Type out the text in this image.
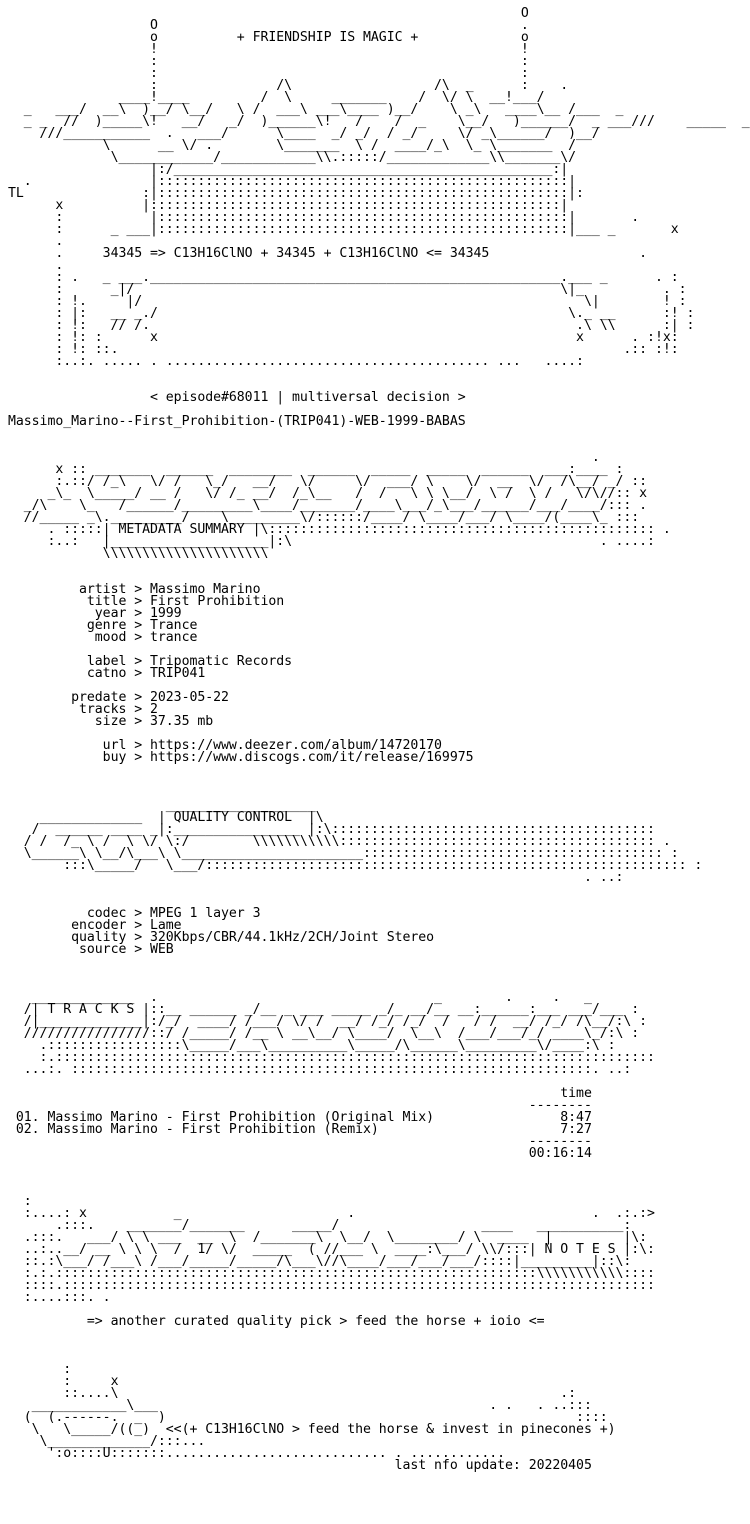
O
O                                              .
o          + FRIENDSHIP IS MAGIC +             o
!                                              !
:                                              :
:                                              :
:               /\                  /\  _      :    .
____!____         /  \     _______    /  \/ \  __!___/
_   ___/  __\  )__/ \__/   \ /  ___\ ___\____ )__/    \ _\   ____\__ /___  _
_ _  //  )_____\!   __/   _/  )______\!   /    /  _    \__/   )______/  _ ___///    _____  _
///___________  .   ___/      \____  _/ _/  / _/     \/ _\______/  )__/
\      __ \/ .        \_______  \ /  ____/_\  \_ \_______  /
\____________/____________\\.:::::/_____________\\_______\/
|:/________________________________________________:|
.               |::::::::::::::::::::::::::::::::::::::::::::::::::::|
TL               :|::::::::::::::::::::::::::::::::::::::::::::::::::::|:
x          |::::::::::::::::::::::::::::::::::::::::::::::::::::|
:           |::::::::::::::::::::::::::::::::::::::::::::::::::::|       .
:      _ ___|::::::::::::::::::::::::::::::::::::::::::::::::::::|___ _       x
.
.     34345 => C13H16ClNO + 34345 + C13H16ClNO <= 34345                   .
.
: .   _ ___.____________________________________________________.___ _      . :
:      _|/                                                      \|_          . :
: !.     |/                                                        \|        ! :
: |:   __ _./                                                    \._ __      :! :
: !:   // /.                                                      .\ \\      :| :
: !: :      x                                                     x      . :!x:
: !: ::.                                                                .:: :!:
:..:. ..... . ......................................... ...   ....:

< episode#68011 | multiversal decision >

Massimo_Marino--First_Prohibition-(TRIP041)-WEB-1999-BABAS

.
x :: _______  ______  ________  ______  _____  _____  ______  ___:____ :
:.::/ /_\   \/ /   \_/   __/   \/     \/  ___/ \    \/  __  \/  /\__/ _/ ::
_\_  \_____/ __ /   \/ /_ __/  /_\__   /  /   \ \ \__/  \ /  \ /   \/\//:: x
_/\    \_   /______/_________\____/_______/____\___/_\___/______/___/____/::: .
//_____ _\._________/    \_________\/::::::/____/ \____/___/ \____/(____\_ :::
. :::::| METADATA SUMMARY |\::::::::::::::::::::::::::::::::::::::::::::::::: .
:..:   |____________________|:\                                       . ....:
\\\\\\\\\\\\\\\\\\\\\

artist > Massimo Marino
title > First Prohibition
year > 1999
genre > Trance
mood > trance

label > Tripomatic Records
catno > TRIP041

predate > 2023-05-22
tracks > 2
size > 37.35 mb

url > https://www.deezer.com/album/14720170
buy > https://www.discogs.com/it/release/169975

___________________
_____________  | QUALITY CONTROL  |\
/  ______ ____ _|:________________ |:\:::::::::::::::::::::::::::::::::::::::::
/ /  /_ \ /  \ \/ \:/        \\\\\\\\\\\:::::::::::::::::::::::::::::::::::::::: .
\______\ \__/\___\ \_______________________:::::::::::::::::::::::::::::::::::::: :
:::\_____/   \___/::::::::::::::::::::::::::::::::::::::::::::::::::::::::::::: :
. ..:

codec > MPEG 1 layer 3
encoder > Lame
quality > 320Kbps/CBR/44.1kHz/2CH/Joint Stereo
source > WEB

_____________  .                                   _        .     .   _
/| T R A C K S |::__ ______ _/__ _ ___ _____ _/_ __/__ __:______:___ ___/___ :
/|_____________|:/_/  ____/ /___/ \/ /  __/ /_/ /_/  /   / /  __/ /_/ /\__/:\ :
////////////////::/ /_____/ /__ \ __\__/ \____/  \__\  /___/___/_/ ____\_/:\ :
.:::::::::::::::::\_____/___\__________\_____/\______\_________\/____:\ :
:.::::::::::::::::::::::::::::::::::::::::::::::::::::::::::::::::::::::::::::
...:. ::::::::::::::::::::::::::::::::::::::::::::::::::::::::::::::::::. ..:

time
--------
01. Massimo Marino - First Prohibition (Original Mix)                8:47
02. Massimo Marino - First Prohibition (Remix)                       7:27
--------
00:16:14

:
:....: x           _                     .                              .  .:.:>
.:::.    _______/_______      _____/                  ____   ___________:
.:::.   ___/ \ \ ___  __  \  /_______\  \__/  \________/ \  ____  |         |\:
..:..__/ __ \ \ \  /  1/ \/  _____  ( //___ \  ____:\___/ \\/:::| N O T E S |:\:
::.:\___/ /___\ /___/_____/_____/\___\//\____/___/___/___/::::|_________|::\:
:.:.:::::::::::::::::::::::::::::::::::::::::::::::::::::::::::::\\\\\\\\\\\::::
::::.:::::::::::::::::::::::::::::::::::::::::::::::::::::::::::::::::::::::::::
:....:::. .

=> another curated quality pick > feed the horse + ioio <=

:
:     x
::....\                                                        .:
____________\___                                          . .   . ..:::
(  (.------.  _  )                                                    ::::
\   \_____/((_)  <<(+ C13H16ClNO > feed the horse & invest in pinecones +)
\_____________/:::...
':o::::U:::::::............................ . ............
last nfo update: 20220405
